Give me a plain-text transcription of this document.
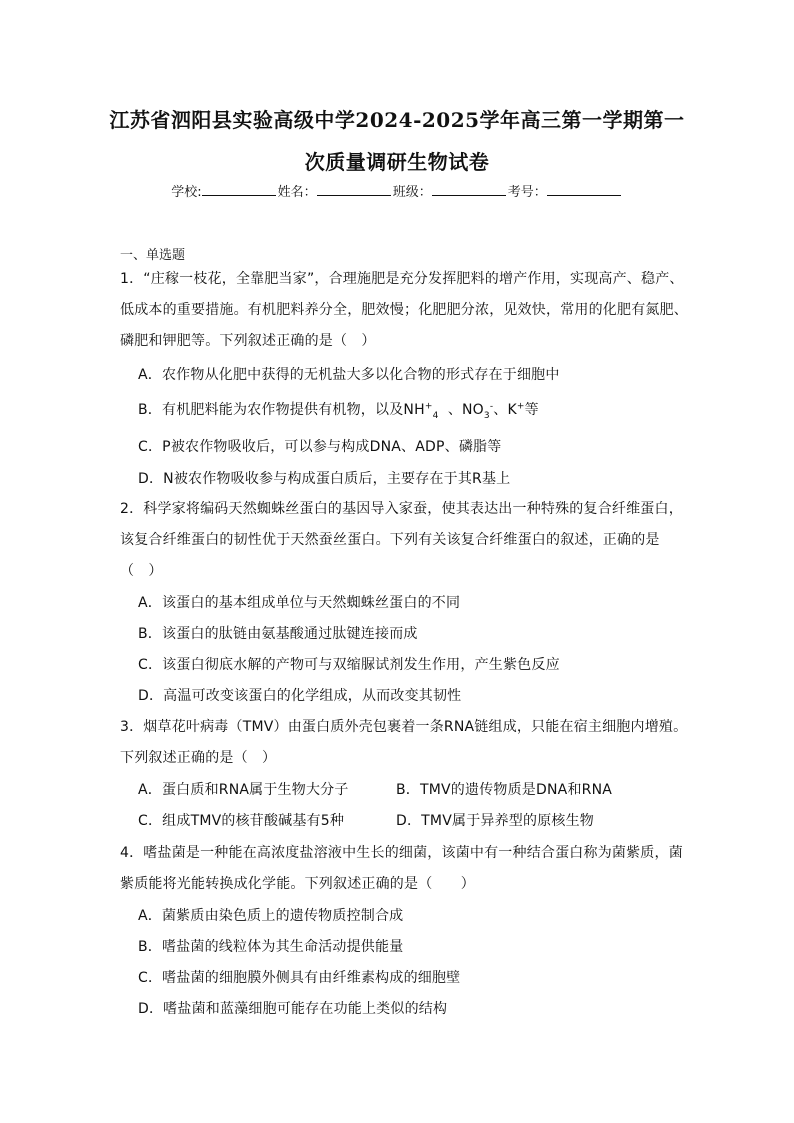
江苏省泗阳县实验高级中学2024-2025学年高三第一学期第一
次质量调研生物试卷
学校:	姓名：	班级：	考号：
一、单选题
1．“庄稼一枝花，全靠肥当家”，合理施肥是充分发挥肥料的增产作用，实现高产、稳产、
低成本的重要措施。有机肥料养分全，肥效慢；化肥肥分浓，见效快，常用的化肥有氮肥、
磷肥和钾肥等。下列叙述正确的是（　）
A．农作物从化肥中获得的无机盐大多以化合物的形式存在于细胞中
B．有机肥料能为农作物提供有机物，以及$NH^+_4$ 、$NO_3^-$、K+等
C．P被农作物吸收后，可以参与构成DNA、ADP、磷脂等
D．N被农作物吸收参与构成蛋白质后，主要存在于其R基上
2．科学家将编码天然蜘蛛丝蛋白的基因导入家蚕，使其表达出一种特殊的复合纤维蛋白，
该复合纤维蛋白的韧性优于天然蚕丝蛋白。下列有关该复合纤维蛋白的叙述，正确的是
（　）
A．该蛋白的基本组成单位与天然蜘蛛丝蛋白的不同
B．该蛋白的肽链由氨基酸通过肽键连接而成
C．该蛋白彻底水解的产物可与双缩脲试剂发生作用，产生紫色反应
D．高温可改变该蛋白的化学组成，从而改变其韧性
3．烟草花叶病毒（TMV）由蛋白质外壳包裹着一条RNA链组成，只能在宿主细胞内增殖。
下列叙述正确的是（　）
A．蛋白质和RNA属于生物大分子	B．TMV的遗传物质是DNA和RNA
C．组成TMV的核苷酸碱基有5种	D．TMV属于异养型的原核生物
4．嗜盐菌是一种能在高浓度盐溶液中生长的细菌，该菌中有一种结合蛋白称为菌紫质，菌
紫质能将光能转换成化学能。下列叙述正确的是（　　）
A．菌紫质由染色质上的遗传物质控制合成
B．嗜盐菌的线粒体为其生命活动提供能量
C．嗜盐菌的细胞膜外侧具有由纤维素构成的细胞壁
D．嗜盐菌和蓝藻细胞可能存在功能上类似的结构
